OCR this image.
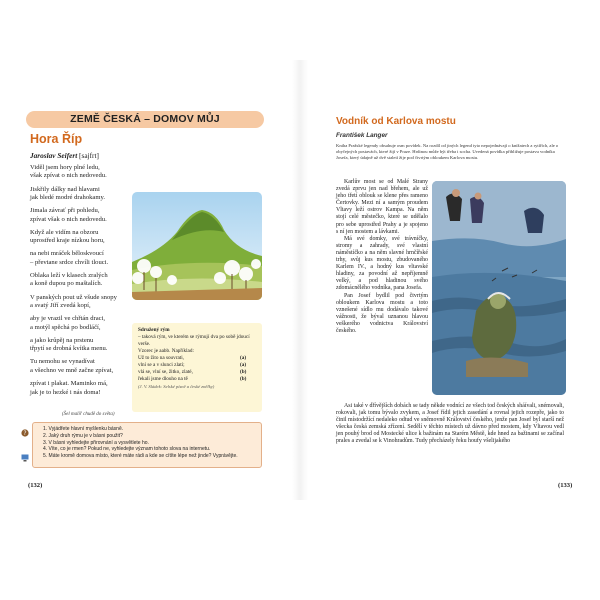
ZEMĚ ČESKÁ – DOMOV MŮJ
Hora Říp
Jaroslav Seifert [sajfrt]
Viděl jsem hory plné ledu,
však zpívat o nich nedovedu.
Jiskřily dálky nad hlavami
jak bledé modré drahokamy.
Jimala závrať při pohledu,
zpívat však o nich nedovedu.
Když ale vidím na obzoru
uprostřed kraje nízkou horu,
na nebi mráček běloskvoucí
– převtane srdce chvíli tlouci.
Oblaka leží v klasech zralých
a koně dupou po maštalích.
V panských pout už všude snopy
a svatý Jiří zvedá kopí,
aby je vrazil ve chřtán draci,
a motýl spěchá po bodláčí,
a jako krůpěj na prstenu
třpytí se drobná kvítka menu.
Tu nemohu se vynadívat
a všechno ve mně začne zpívat,
zpívat i plakat. Maminko má,
jak je to hezké i nás doma!
(Šel malíř chudě do světa)
Sdružený rým
– taková rým, ve kterém se rýmují dva po sobě jdoucí verše.
Vzorec je aabb. Například:
Už to žito na souvrati,	(a)
vlní se a v slunci zlatí;	(a)
vlá se, vlní se, žitko, zlaté,	(b)
řekali jsme dlouho na tě	(b)
(J. V. Sládek: Selské písně a české znělky)
?
1. Vyjádřete hlavní myšlenku básně.
2. Jaký druh rýmu je v básni použit?
3. V básni vyhledejte přirovnání a vysvětlete ho.
4. Víte, co je rmen? Pokud ne, vyhledejte význam tohoto slova na internetu.
5. Máte kromě domova místo, které máte rádi a kde se cítíte lépe než jinde? Vyprávějte.
(132)
Vodník od Karlova mostu
František Langer
Kniha Pražské legendy obsahuje osm povídek. Na rozdíl od jiných legend tyto nepojednávají o knížatech a rytířích, ale o obyčejných postavách, které žijí v Praze. Hrdinou může být třeba i socha. Uvedená povídka přibližuje postavu vodníka Josefa, který údajně už dvě staletí žije pod čtvrtým obloukem Karlova mostu.

Karlův most se od Malé Strany zvedá zprvu jen nad břehem, ale už jeho třetí oblouk se klene přes rameno Čertovky. Mezi ní a samým proudem Vltavy leží ostrov Kampa. Na něm stojí celé městečko, které se udělalo pro sebe uprostřed Prahy a je spojeno s ní jen mostem a lávkami.

Má své domky, své trávníčky, stromy a zahrady, své vlastní náměstíčko a na něm slavné hrnčířské trhy, svůj kus mostu, zbudovaného Karlem IV., a hodný kus vltavské hladiny, za povodní až nepříjemně velký, a pod hladinou svého zdomácnělého vodníka, pana Josefa.

Pan Josef bydlil pod čtvrtým obloukem Karlova mostu a toto vznešené sídlo mu dodávalo takové vážnosti, že býval uznanou hlavou veškerého vodnictva Království českého.

Asi také v dřívějších dobách se tady někde vodnící ze všech tod českých sháívali, snémovali, rokovali, jak tomu bývalo zvykem, a Josef řídil jejich zasedání a rovnal jejich rozepře, jako to činil místodržící nedaleko odtud ve sněmovně Království českého, jenže pan Josef byl starší než všecka česká zemská zřízení. Sedělí v těchto místech už dávno před mostem, kdy Vltavou vedl jen pouhý brod od Mostecké ulice k bažinám na Starém Městě, kde hned za bažinami se začínal prales a zvedal se k Vinohradům. Tudy přecházely řeku houfy všelijakého

(133)
